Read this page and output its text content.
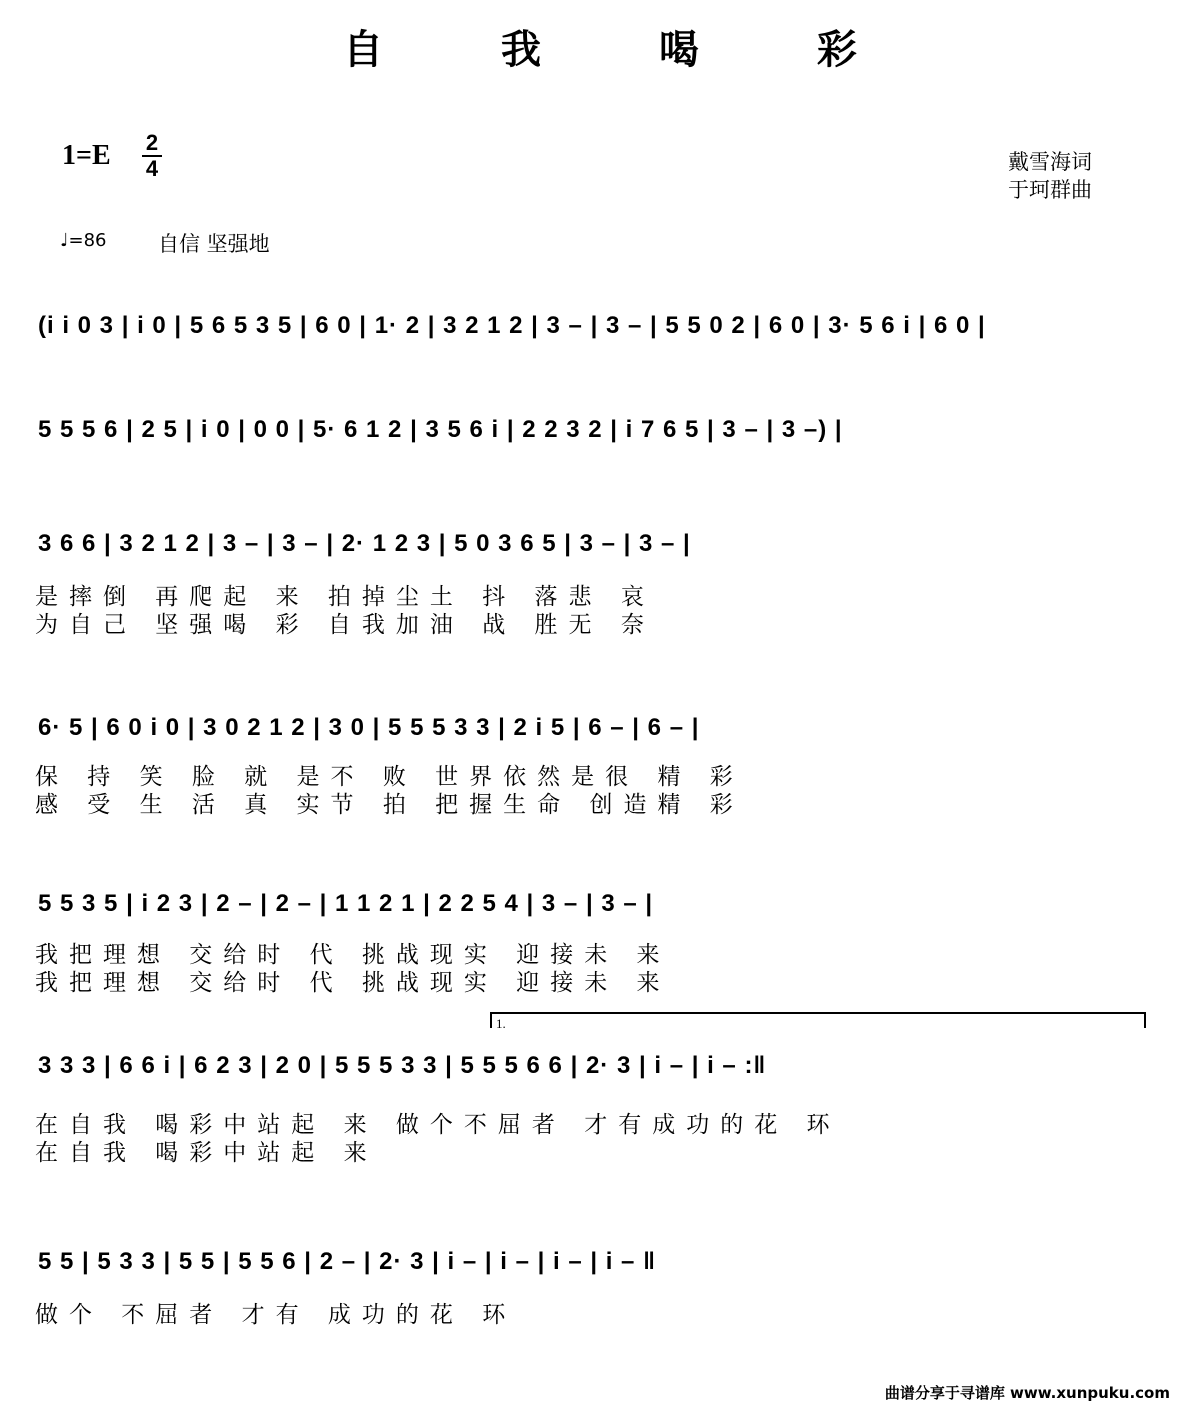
自 我 喝 彩
1=E 2
4	戴雪海词
于珂群曲
♩=86 自信 坚强地
(i i 0 3 | i 0 | 5 6 5 3 5 | 6 0 | 1· 2 | 3 2 1 2 | 3 – | 3 – | 5 5 0 2 | 6 0 | 3· 5 6 i | 6 0 |
5 5 5 6 | 2 5 | i 0 | 0 0 | 5· 6 1 2 | 3 5 6 i | 2 2 3 2 | i 7 6 5 | 3 – | 3 –) |
3 6 6 | 3 2 1 2 | 3 – | 3 – | 2· 1 2 3 | 5 0 3 6 5 | 3 – | 3 – |
是摔倒 再爬起 来 拍掉尘土 抖 落悲 哀
为自己 坚强喝 彩 自我加油 战 胜无 奈
6· 5 | 6 0 i 0 | 3 0 2 1 2 | 3 0 | 5 5 5 3 3 | 2 i 5 | 6 – | 6 – |
保 持 笑 脸 就 是不 败 世界依然是很 精 彩
感 受 生 活 真 实节 拍 把握生命 创造精 彩
5 5 3 5 | i 2 3 | 2 – | 2 – | 1 1 2 1 | 2 2 5 4 | 3 – | 3 – |
我把理想 交给时 代 挑战现实 迎接未 来
我把理想 交给时 代 挑战现实 迎接未 来
1.
3 3 3 | 6 6 i | 6 2 3 | 2 0 | 5 5 5 3 3 | 5 5 5 6 6 | 2· 3 | i – | i – :‖
在自我 喝彩中站起 来 做个不屈者 才有成功的花 环
在自我 喝彩中站起 来
5 5 | 5 3 3 | 5 5 | 5 5 6 | 2 – | 2· 3 | i – | i – | i – | i – ‖
做个 不屈者 才有 成功的花 环
曲谱分享于寻谱库 www.xunpuku.com
